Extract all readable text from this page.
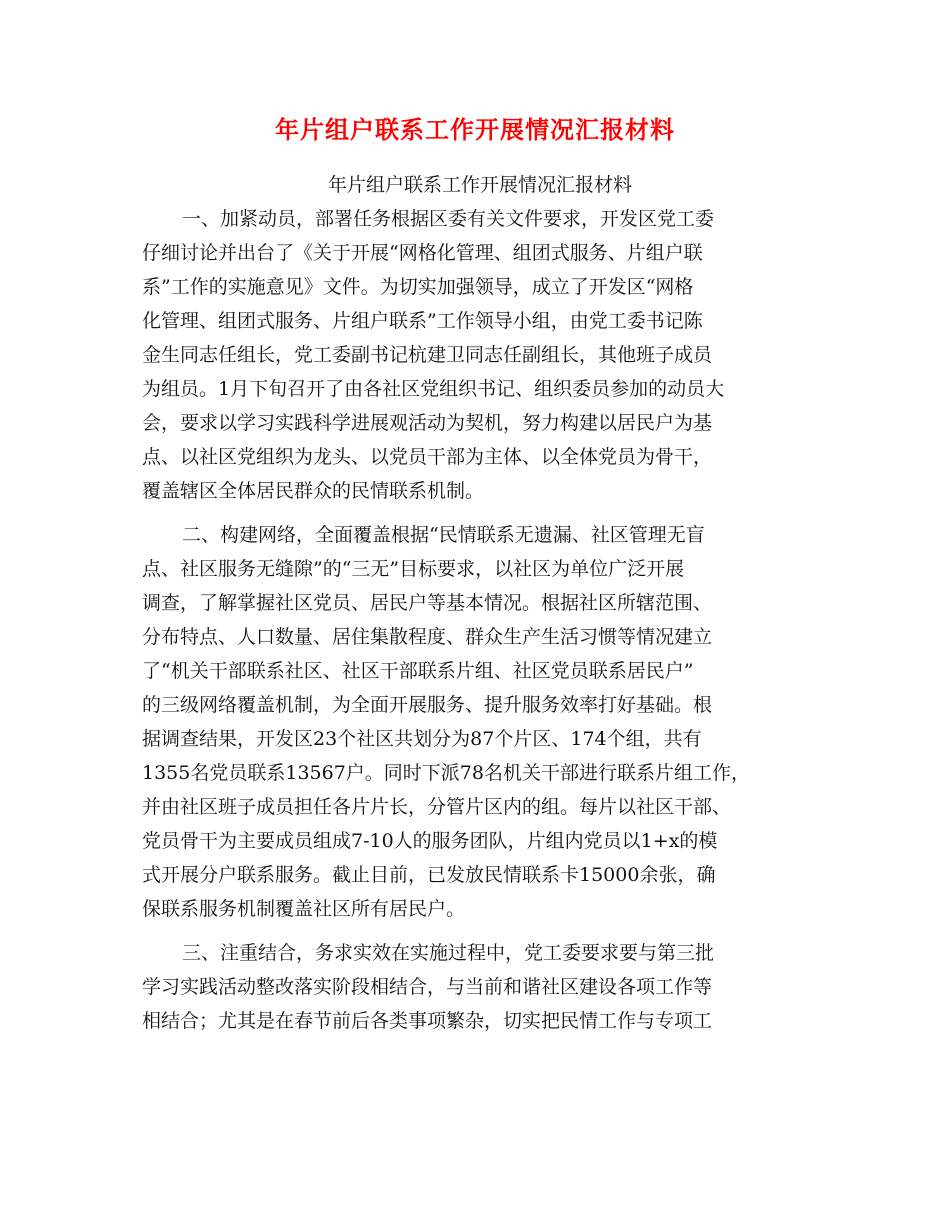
年片组户联系工作开展情况汇报材料
年片组户联系工作开展情况汇报材料
一、加紧动员，部署任务根据区委有关文件要求，开发区党工委
仔细讨论并出台了《关于开展“网格化管理、组团式服务、片组户联
系”工作的实施意见》文件。为切实加强领导，成立了开发区“网格
化管理、组团式服务、片组户联系”工作领导小组，由党工委书记陈
金生同志任组长，党工委副书记杭建卫同志任副组长，其他班子成员
为组员。1月下旬召开了由各社区党组织书记、组织委员参加的动员大
会，要求以学习实践科学进展观活动为契机，努力构建以居民户为基
点、以社区党组织为龙头、以党员干部为主体、以全体党员为骨干，
覆盖辖区全体居民群众的民情联系机制。
二、构建网络，全面覆盖根据“民情联系无遗漏、社区管理无盲
点、社区服务无缝隙”的“三无”目标要求，以社区为单位广泛开展
调查，了解掌握社区党员、居民户等基本情况。根据社区所辖范围、
分布特点、人口数量、居住集散程度、群众生产生活习惯等情况建立
了“机关干部联系社区、社区干部联系片组、社区党员联系居民户”
的三级网络覆盖机制，为全面开展服务、提升服务效率打好基础。根
据调查结果，开发区23个社区共划分为87个片区、174个组，共有
1355名党员联系13567户。同时下派78名机关干部进行联系片组工作，
并由社区班子成员担任各片片长，分管片区内的组。每片以社区干部、
党员骨干为主要成员组成7-10人的服务团队，片组内党员以1+x的模
式开展分户联系服务。截止目前，已发放民情联系卡15000余张，确
保联系服务机制覆盖社区所有居民户。
三、注重结合，务求实效在实施过程中，党工委要求要与第三批
学习实践活动整改落实阶段相结合，与当前和谐社区建设各项工作等
相结合；尤其是在春节前后各类事项繁杂，切实把民情工作与专项工
